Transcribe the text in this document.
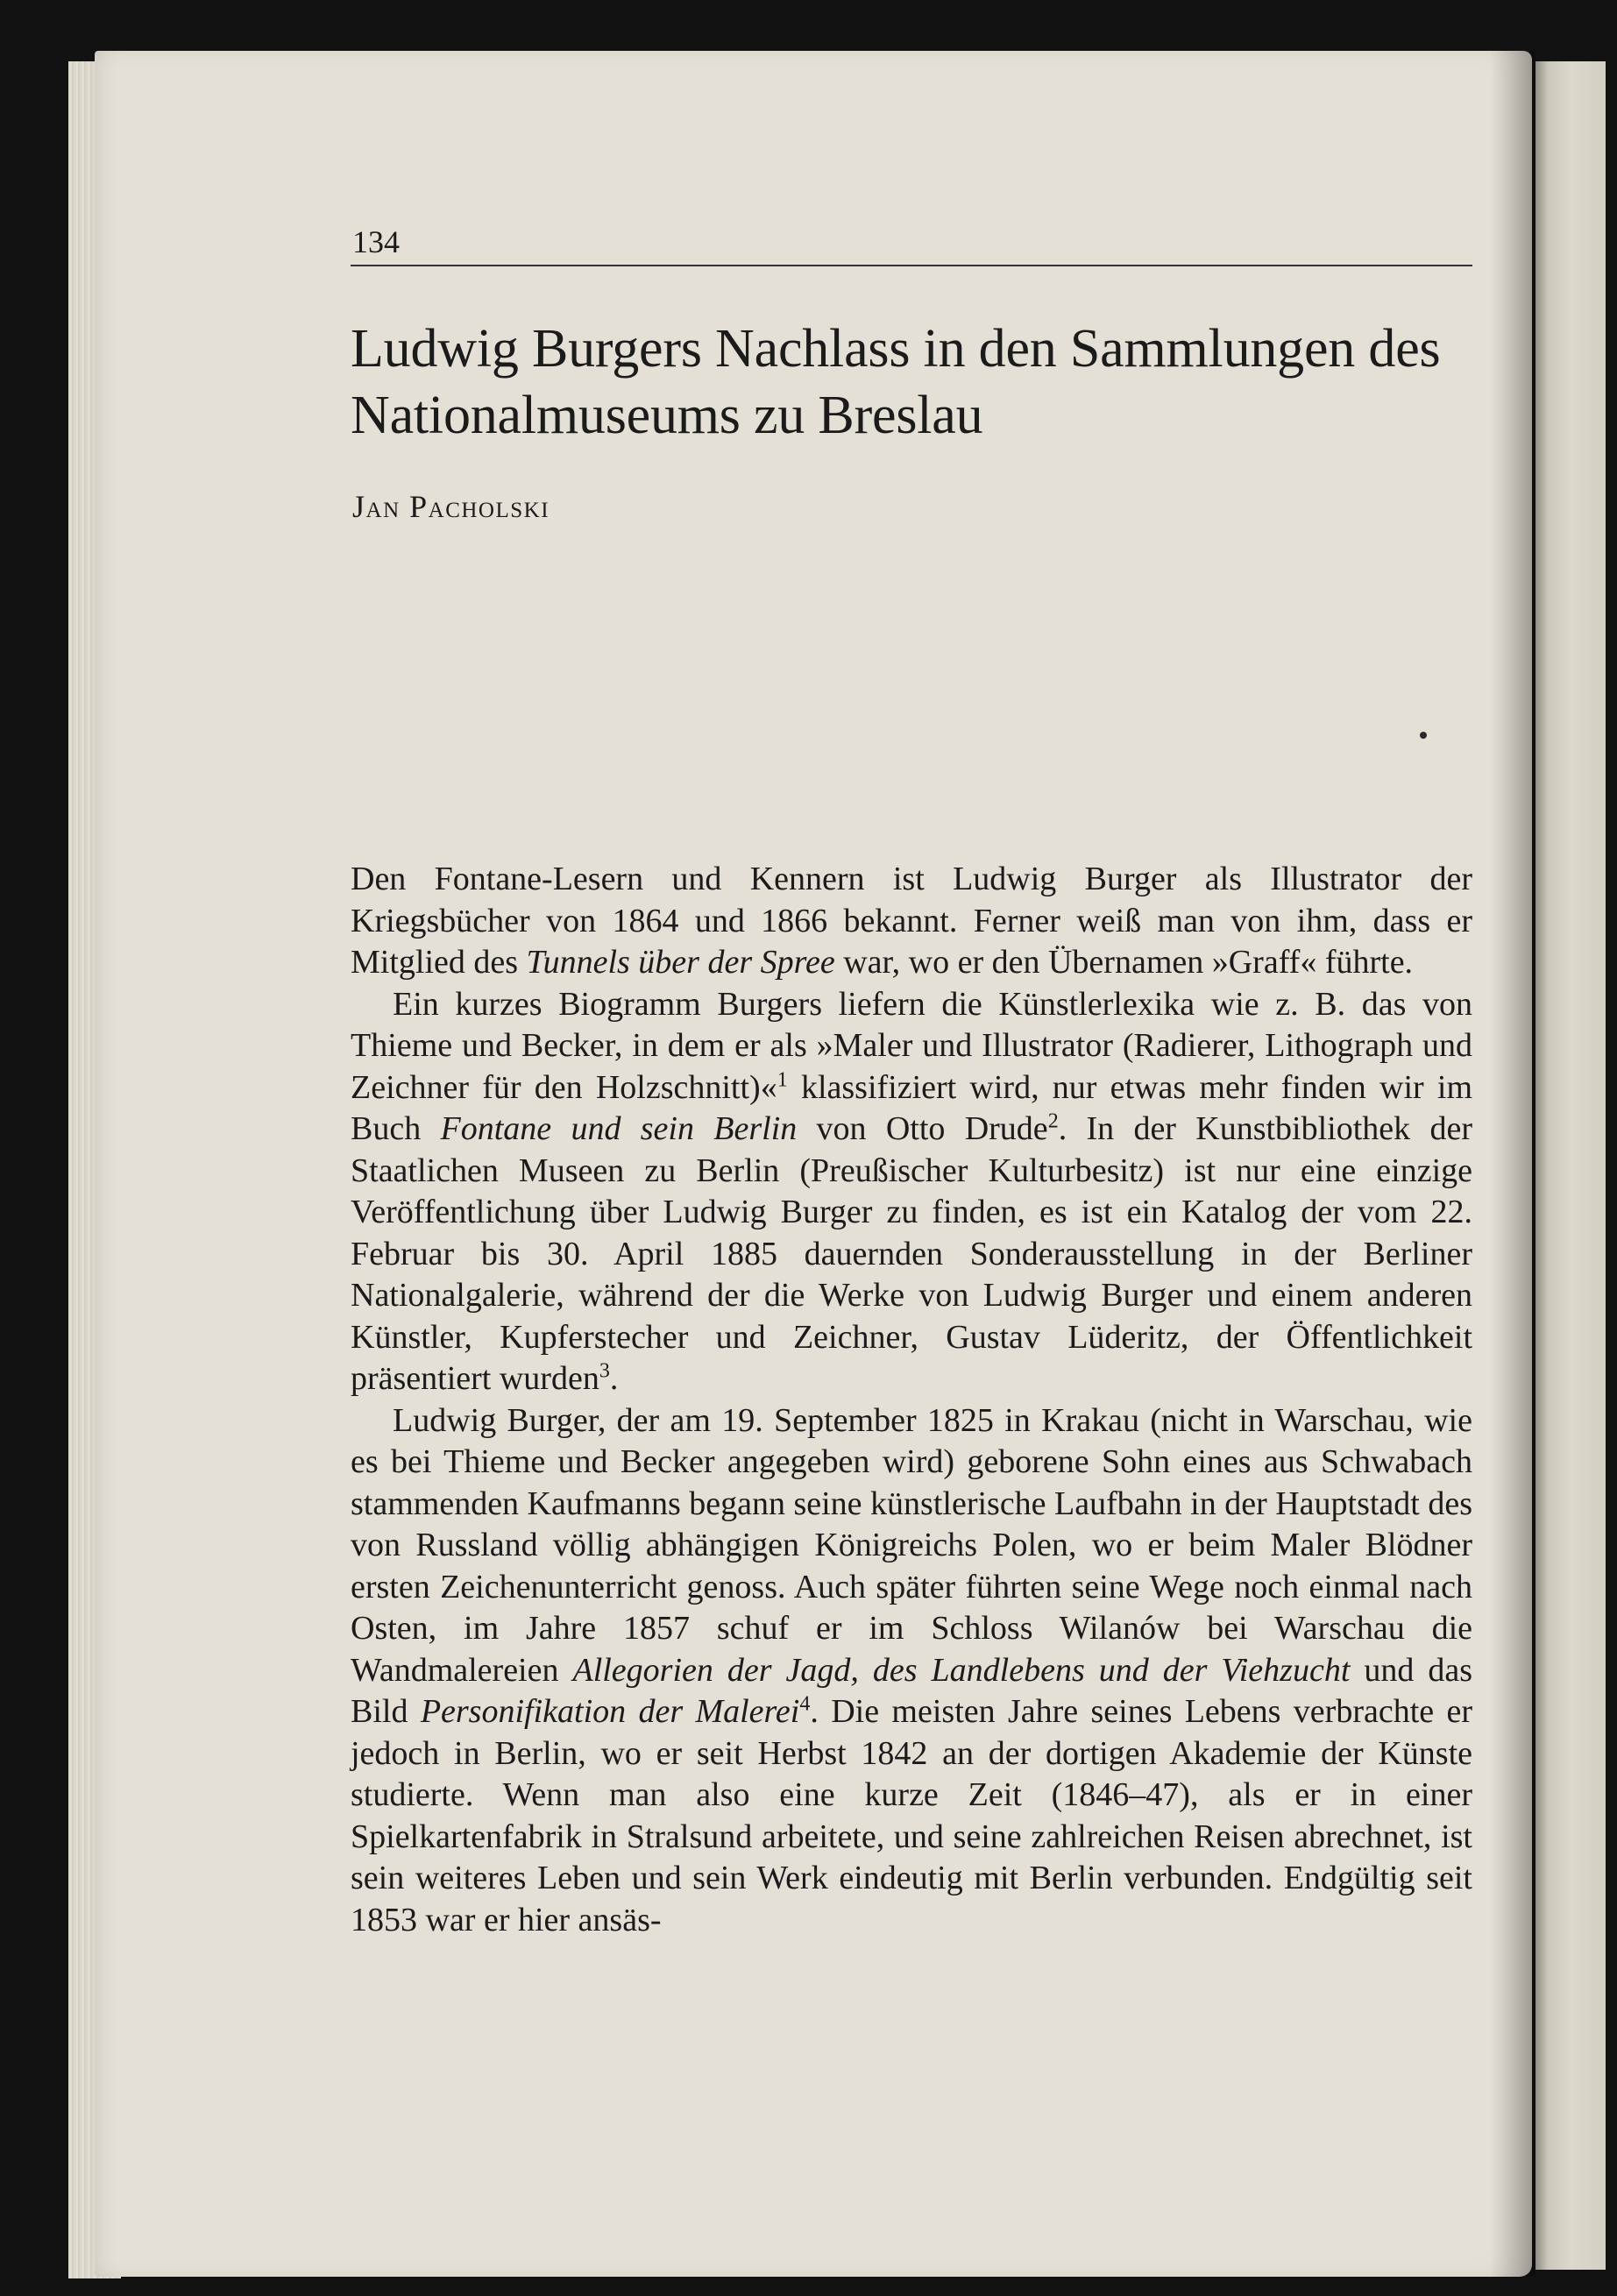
134
Ludwig Burgers Nachlass in den Sammlungen des Nationalmuseums zu Breslau
Jan Pacholski

Den Fontane-Lesern und Kennern ist Ludwig Burger als Illustrator der Kriegsbücher von 1864 und 1866 bekannt. Ferner weiß man von ihm, dass er Mitglied des Tunnels über der Spree war, wo er den Übernamen »Graff« führte.

Ein kurzes Biogramm Burgers liefern die Künstlerlexika wie z. B. das von Thieme und Becker, in dem er als »Maler und Illustrator (Radierer, Lithograph und Zeichner für den Holzschnitt)«$^1$ klassifiziert wird, nur etwas mehr finden wir im Buch Fontane und sein Berlin von Otto Drude$^2$. In der Kunstbibliothek der Staatlichen Museen zu Berlin (Preußischer Kulturbesitz) ist nur eine einzige Veröffentlichung über Ludwig Burger zu finden, es ist ein Katalog der vom 22. Februar bis 30. April 1885 dauernden Sonderausstellung in der Berliner Nationalgalerie, während der die Werke von Ludwig Burger und einem anderen Künstler, Kupferstecher und Zeichner, Gustav Lüderitz, der Öffentlichkeit präsentiert wurden$^3$.

Ludwig Burger, der am 19. September 1825 in Krakau (nicht in Warschau, wie es bei Thieme und Becker angegeben wird) geborene Sohn eines aus Schwabach stammenden Kaufmanns begann seine künstlerische Laufbahn in der Hauptstadt des von Russland völlig abhängigen Königreichs Polen, wo er beim Maler Blödner ersten Zeichenunterricht genoss. Auch später führten seine Wege noch einmal nach Osten, im Jahre 1857 schuf er im Schloss Wilanów bei Warschau die Wandmalereien Allegorien der Jagd, des Landlebens und der Viehzucht und das Bild Personifikation der Malerei$^4$. Die meisten Jahre seines Lebens verbrachte er jedoch in Berlin, wo er seit Herbst 1842 an der dortigen Akademie der Künste studierte. Wenn man also eine kurze Zeit (1846–47), als er in einer Spielkartenfabrik in Stralsund arbeitete, und seine zahlreichen Reisen abrechnet, ist sein weiteres Leben und sein Werk eindeutig mit Berlin verbunden. Endgültig seit 1853 war er hier ansäs-
